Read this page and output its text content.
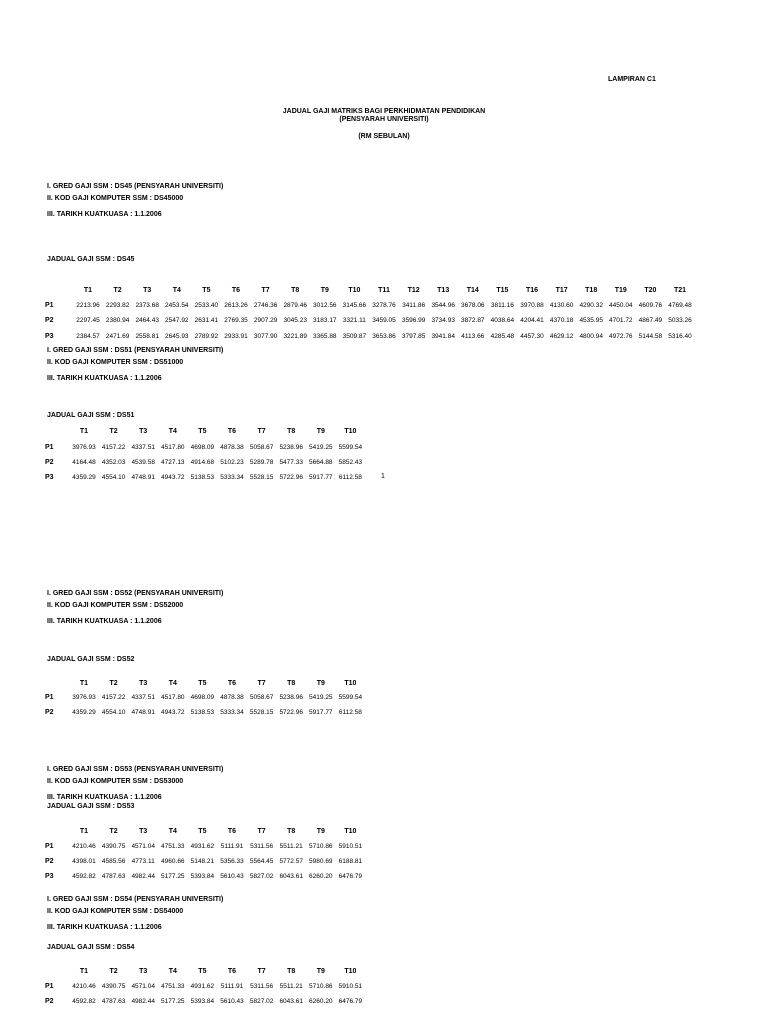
LAMPIRAN C1
JADUAL GAJI MATRIKS BAGI PERKHIDMATAN PENDIDIKAN
(PENSYARAH UNIVERSITI)
(RM SEBULAN)
I. GRED GAJI SSM : DS45 (PENSYARAH UNIVERSITI)
II. KOD GAJI KOMPUTER SSM : DS45000
III. TARIKH KUATKUASA : 1.1.2006
JADUAL GAJI SSM : DS45
T1	T2	T3	T4	T5	T6	T7	T8	T9	T10	T11	T12	T13	T14	T15	T16	T17	T18	T19	T20	T21
P1	2213.96 2293.82 2373.68 2453.54 2533.40 2613.26 2746.36 2879.46 3012.56 3145.66 3278.76 3411.86 3544.96 3678.06 3811.16 3970.88 4130.60 4290.32 4450.04 4609.76 4769.48
P2	2297.45 2380.94 2464.43 2547.92 2631.41 2769.35 2907.29 3045.23 3183.17 3321.11 3459.05 3596.99 3734.93 3872.87 4038.64 4204.41 4370.18 4535.95 4701.72 4867.49 5033.26
P3	2384.57 2471.69 2558.81 2645.93 2789.92 2933.91 3077.90 3221.89 3365.88 3509.87 3653.86 3797.85 3941.84 4113.66 4285.48 4457.30 4629.12 4800.94 4972.76 5144.58 5316.40
I. GRED GAJI SSM : DS51 (PENSYARAH UNIVERSITI)
II. KOD GAJI KOMPUTER SSM : DS51000
III. TARIKH KUATKUASA : 1.1.2006
JADUAL GAJI SSM : DS51
T1	T2	T3	T4	T5	T6	T7	T8	T9	T10
P1	3976.93 4157.22 4337.51 4517.80 4698.09 4878.38 5058.67 5238.96 5419.25 5599.54
P2	4164.48 4352.03 4539.58 4727.13 4914.68 5102.23 5289.78 5477.33 5664.88 5852.43
P3	4359.29 4554.10 4748.91 4943.72 5138.53 5333.34 5528.15 5722.96 5917.77 6112.58
I. GRED GAJI SSM : DS52 (PENSYARAH UNIVERSITI)
II. KOD GAJI KOMPUTER SSM : DS52000
III. TARIKH KUATKUASA : 1.1.2006
JADUAL GAJI SSM : DS52
T1	T2	T3	T4	T5	T6	T7	T8	T9	T10
P1	3976.93 4157.22 4337.51 4517.80 4698.09 4878.38 5058.67 5238.96 5419.25 5599.54
P2	4359.29 4554.10 4748.91 4943.72 5138.53 5333.34 5528.15 5722.96 5917.77 6112.58
I. GRED GAJI SSM : DS53 (PENSYARAH UNIVERSITI)
II. KOD GAJI KOMPUTER SSM : DS53000
III. TARIKH KUATKUASA : 1.1.2006
JADUAL GAJI SSM : DS53
T1	T2	T3	T4	T5	T6	T7	T8	T9	T10
P1	4210.46 4390.75 4571.04 4751.33 4931.62	5111.91	5311.56	5511.21 5710.86 5910.51
P2	4398.01 4585.56 4773.11 4960.66 5148.21 5356.33 5564.45 5772.57 5980.69 6188.81
P3	4592.82 4787.63 4982.44 5177.25 5393.84 5610.43 5827.02 6043.61 6260.20 6476.79
I. GRED GAJI SSM : DS54 (PENSYARAH UNIVERSITI)
II. KOD GAJI KOMPUTER SSM : DS54000
III. TARIKH KUATKUASA : 1.1.2006
JADUAL GAJI SSM : DS54
T1	T2	T3	T4	T5	T6	T7	T8	T9	T10
P1	4210.46 4390.75 4571.04 4751.33 4931.62	5111.91	5311.56	5511.21 5710.86 5910.51
P2	4592.82 4787.63 4982.44 5177.25 5393.84 5610.43 5827.02 6043.61 6260.20 6476.79
1
